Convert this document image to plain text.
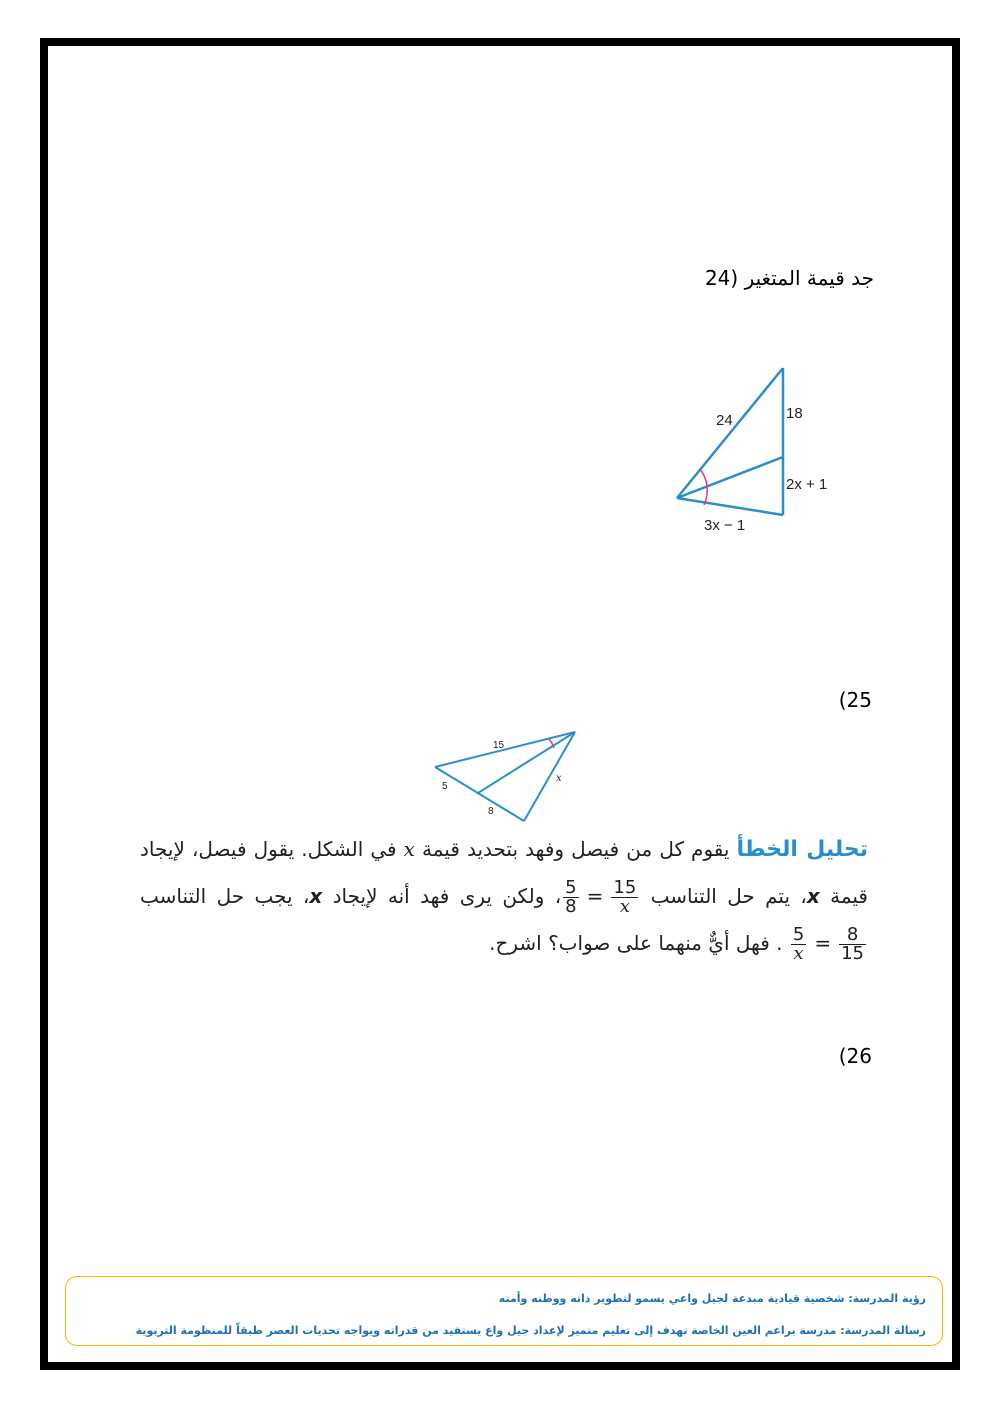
جد قيمة المتغير (24
24	18
2x + 1
3x − 1
25)
15
5
8
x
تحليل الخطأ يقوم كل من فيصل وفهد بتحديد قيمة x في الشكل. يقول فيصل، لإيجاد قيمة x، يتم حل التناسب
$\frac{5}{8} = \frac{15}{x}$
، ولكن يرى فهد أنه لإيجاد x، يجب حل التناسب
$\frac{5}{x} = \frac{8}{15}$
. فهل أيٌّ منهما على صواب؟ اشرح.
26)
رؤية المدرسة: شخصية قيادية مبدعة لجيل واعي يسمو لتطوير ذاته ووطنه وأمته
رسالة المدرسة: مدرسة براعم العين الخاصة تهدف إلى تعليم متميز لإعداد جيل واع يستفيد من قدراته ويواجه تحديات العصر طبقاً للمنظومة التربوية
